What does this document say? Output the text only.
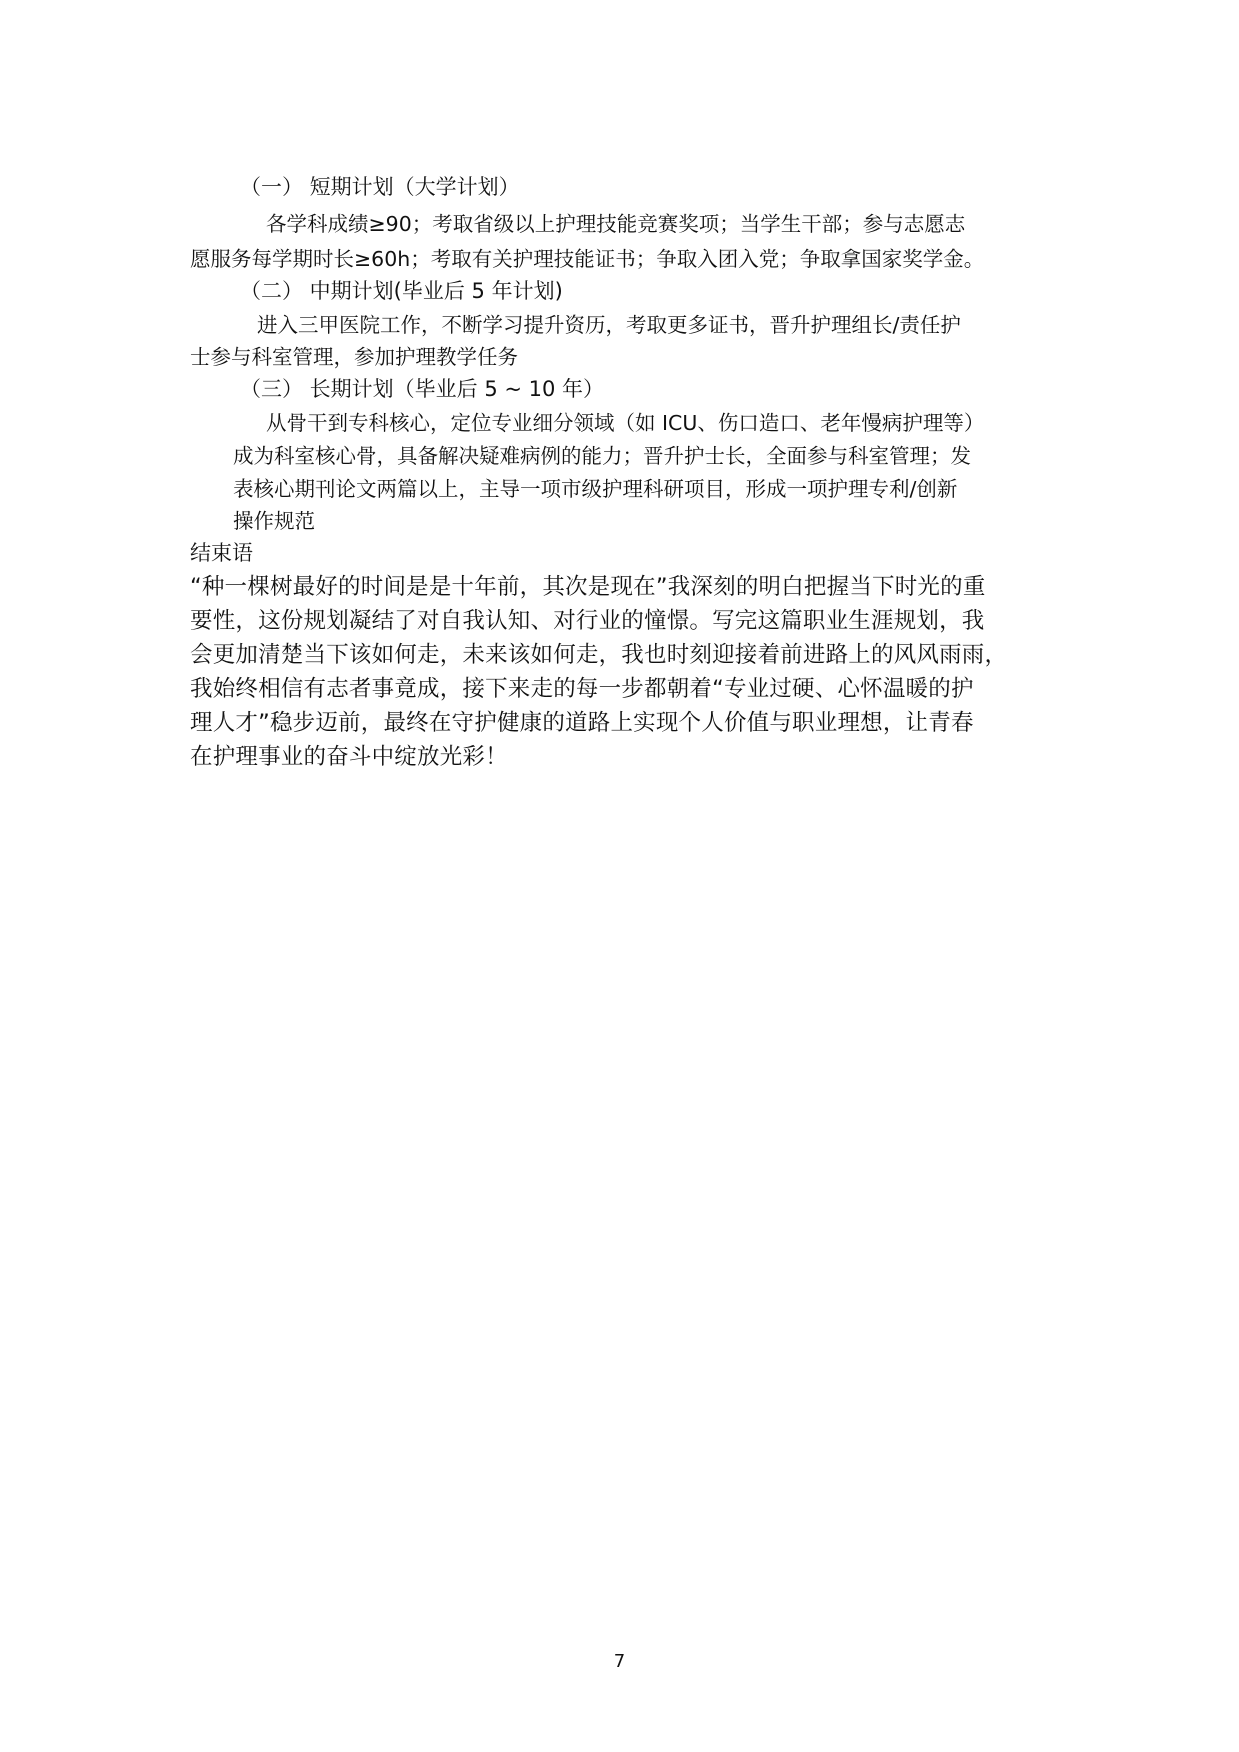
（一） 短期计划（大学计划）
各学科成绩≥90；考取省级以上护理技能竞赛奖项；当学生干部；参与志愿志
愿服务每学期时长≥60h；考取有关护理技能证书；争取入团入党；争取拿国家奖学金。
（二） 中期计划(毕业后 5 年计划)
进入三甲医院工作，不断学习提升资历，考取更多证书，晋升护理组长/责任护
士参与科室管理，参加护理教学任务
（三） 长期计划（毕业后 5 ~ 10 年）
从骨干到专科核心，定位专业细分领域（如 ICU、伤口造口、老年慢病护理等）
成为科室核心骨，具备解决疑难病例的能力；晋升护士长，全面参与科室管理；发
表核心期刊论文两篇以上，主导一项市级护理科研项目，形成一项护理专利/创新
操作规范
结束语
“种一棵树最好的时间是是十年前，其次是现在”我深刻的明白把握当下时光的重
要性，这份规划凝结了对自我认知、对行业的憧憬。写完这篇职业生涯规划，我
会更加清楚当下该如何走，未来该如何走，我也时刻迎接着前进路上的风风雨雨，
我始终相信有志者事竟成，接下来走的每一步都朝着“专业过硬、心怀温暖的护
理人才”稳步迈前，最终在守护健康的道路上实现个人价值与职业理想，让青春
在护理事业的奋斗中绽放光彩！
7
